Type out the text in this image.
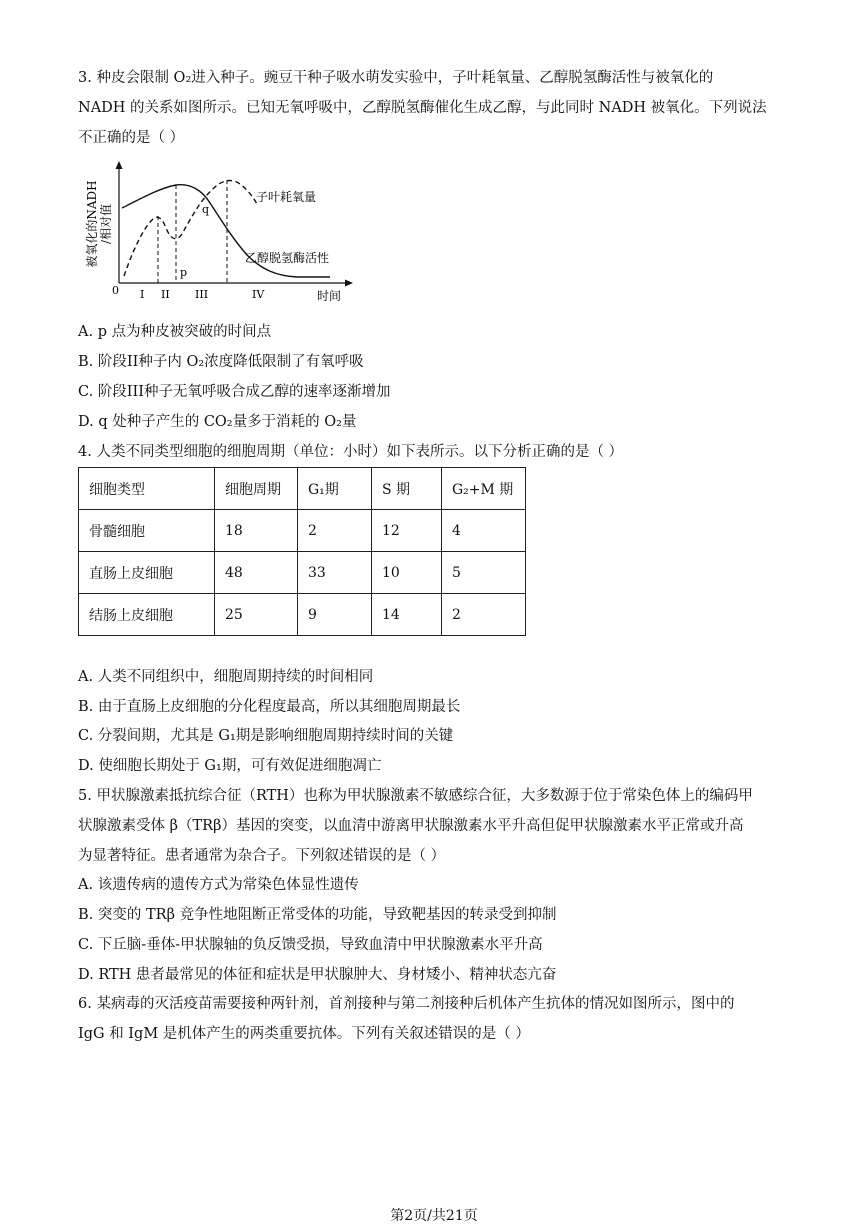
3. 种皮会限制 O₂进入种子。豌豆干种子吸水萌发实验中，子叶耗氧量、乙醇脱氢酶活性与被氧化的
NADH 的关系如图所示。已知无氧呼吸中，乙醇脱氢酶催化生成乙醇，与此同时 NADH 被氧化。下列说法
不正确的是（ ）
被氧化的NADH /相对值
0	时间
p
q
子叶耗氧量
乙醇脱氢酶活性
I II III	IV
A. p 点为种皮被突破的时间点
B. 阶段II种子内 O₂浓度降低限制了有氧呼吸
C. 阶段III种子无氧呼吸合成乙醇的速率逐渐增加
D. q 处种子产生的 CO₂量多于消耗的 O₂量
4. 人类不同类型细胞的细胞周期（单位：小时）如下表所示。以下分析正确的是（ ）
细胞类型	细胞周期	G₁期	S 期	G₂+M 期
骨髓细胞	18	2	12	4
直肠上皮细胞	48	33	10	5
结肠上皮细胞	25	9	14	2
A. 人类不同组织中，细胞周期持续的时间相同
B. 由于直肠上皮细胞的分化程度最高，所以其细胞周期最长
C. 分裂间期，尤其是 G₁期是影响细胞周期持续时间的关键
D. 使细胞长期处于 G₁期，可有效促进细胞凋亡
5. 甲状腺激素抵抗综合征（RTH）也称为甲状腺激素不敏感综合征，大多数源于位于常染色体上的编码甲
状腺激素受体 β（TRβ）基因的突变，以血清中游离甲状腺激素水平升高但促甲状腺激素水平正常或升高
为显著特征。患者通常为杂合子。下列叙述错误的是（ ）
A. 该遗传病的遗传方式为常染色体显性遗传
B. 突变的 TRβ 竞争性地阻断正常受体的功能，导致靶基因的转录受到抑制
C. 下丘脑-垂体-甲状腺轴的负反馈受损，导致血清中甲状腺激素水平升高
D. RTH 患者最常见的体征和症状是甲状腺肿大、身材矮小、精神状态亢奋
6. 某病毒的灭活疫苗需要接种两针剂，首剂接种与第二剂接种后机体产生抗体的情况如图所示，图中的
IgG 和 IgM 是机体产生的两类重要抗体。下列有关叙述错误的是（ ）
第2页/共21页
